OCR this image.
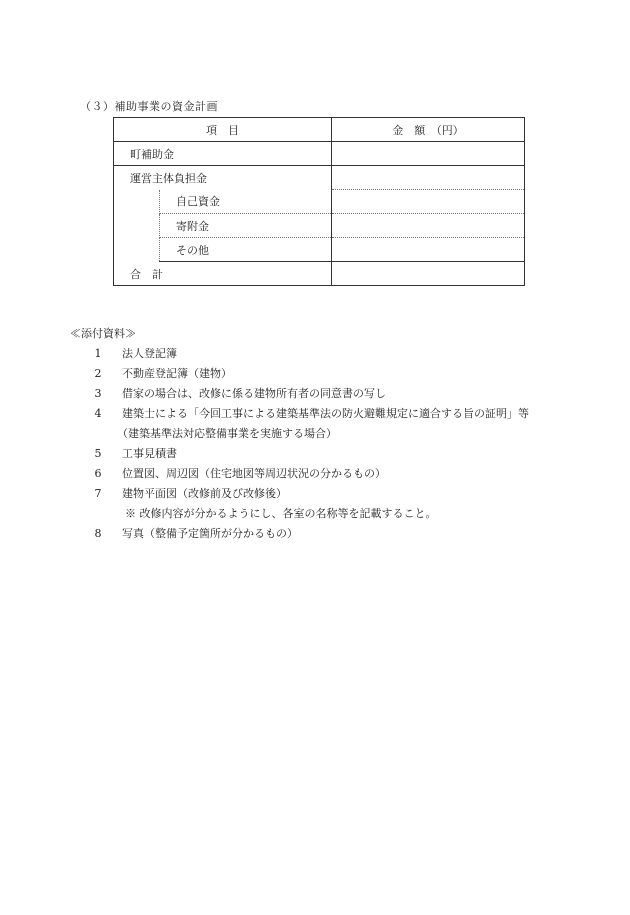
（３）補助事業の資金計画
項　目		金　額　（円）
町補助金		
運営主体負担金		
	自己資金	
	寄附金	
	その他	
合　計		
≪添付資料≫
1　 法人登記簿
2　 不動産登記簿（建物）
3　 借家の場合は、改修に係る建物所有者の同意書の写し
4　 建築士による「今回工事による建築基準法の防火避難規定に適合する旨の証明」等
（建築基準法対応整備事業を実施する場合）
5　 工事見積書
6　 位置図、周辺図（住宅地図等周辺状況の分かるもの）
7　 建物平面図（改修前及び改修後）
※ 改修内容が分かるようにし、各室の名称等を記載すること。
8　 写真（整備予定箇所が分かるもの）
